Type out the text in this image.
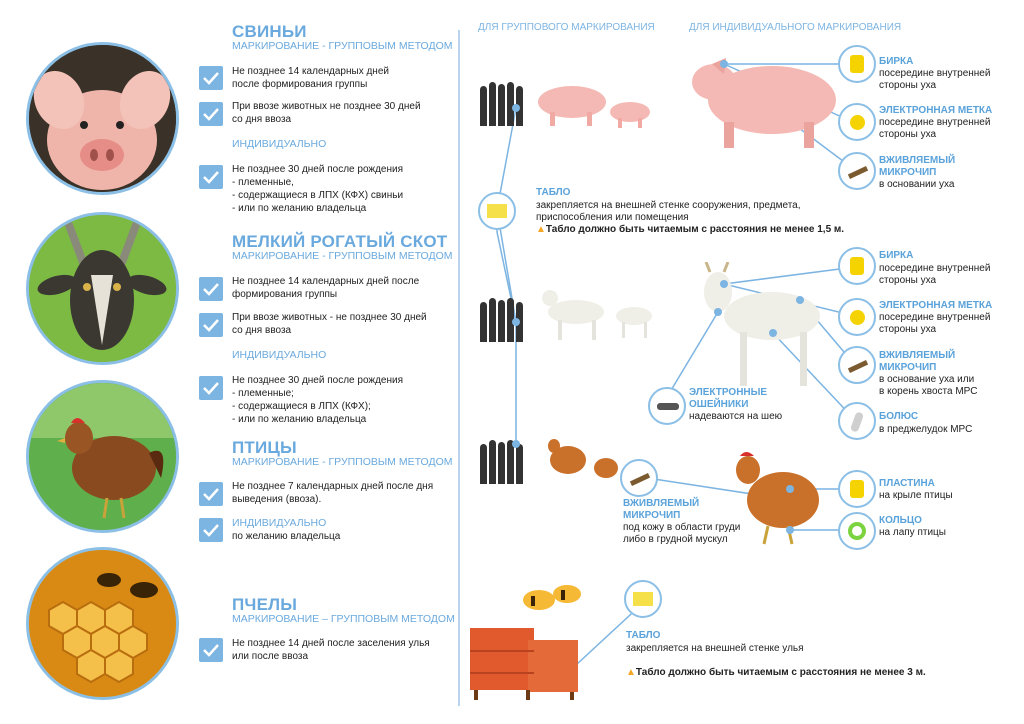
СВИНЬИ
МАРКИРОВАНИЕ - ГРУППОВЫМ МЕТОДОМ
Не позднее 14 календарных дней
после формирования группы
При ввозе животных не позднее 30 дней
со дня ввоза
ИНДИВИДУАЛЬНО
Не позднее 30 дней после рождения
- племенные,
- содержащиеся в ЛПХ (КФХ) свиньи
- или по желанию владельца
МЕЛКИЙ РОГАТЫЙ СКОТ
МАРКИРОВАНИЕ - ГРУППОВЫМ МЕТОДОМ
Не позднее 14 календарных дней после
формирования группы
При ввозе животных - не позднее 30 дней
со дня ввоза
ИНДИВИДУАЛЬНО
Не позднее 30 дней после рождения
- племенные;
- содержащиеся в ЛПХ (КФХ);
- или по желанию владельца
ПТИЦЫ
МАРКИРОВАНИЕ - ГРУППОВЫМ МЕТОДОМ
Не позднее 7 календарных дней после дня
выведения (ввоза).
ИНДИВИДУАЛЬНО
по желанию владельца
ПЧЕЛЫ
МАРКИРОВАНИЕ – ГРУППОВЫМ МЕТОДОМ
Не позднее 14 дней после заселения улья
или после ввоза
ДЛЯ ГРУППОВОГО МАРКИРОВАНИЯ	ДЛЯ ИНДИВИДУАЛЬНОГО МАРКИРОВАНИЯ
ТАБЛО
закрепляется на внешней стенке сооружения, предмета,
приспособления или помещения
▲Табло должно быть читаемым с расстояния не менее 1,5 м.
БИРКА
посередине внутренней
стороны уха
ЭЛЕКТРОННАЯ МЕТКА
посередине внутренней
стороны уха
ВЖИВЛЯЕМЫЙ
МИКРОЧИП
в основании уха
БИРКА
посередине внутренней
стороны уха
ЭЛЕКТРОННАЯ МЕТКА
посередине внутренней
стороны уха
ВЖИВЛЯЕМЫЙ
МИКРОЧИП
в основание уха или
в корень хвоста МРС
БОЛЮС
в преджелудок МРС
ЭЛЕКТРОННЫЕ
ОШЕЙНИКИ
надеваются на шею
ПЛАСТИНА
на крыле птицы
КОЛЬЦО
на лапу птицы
ВЖИВЛЯЕМЫЙ
МИКРОЧИП
под кожу в области груди
либо в грудной мускул
ТАБЛО
закрепляется на внешней стенке улья
▲Табло должно быть читаемым с расстояния не менее 3 м.
